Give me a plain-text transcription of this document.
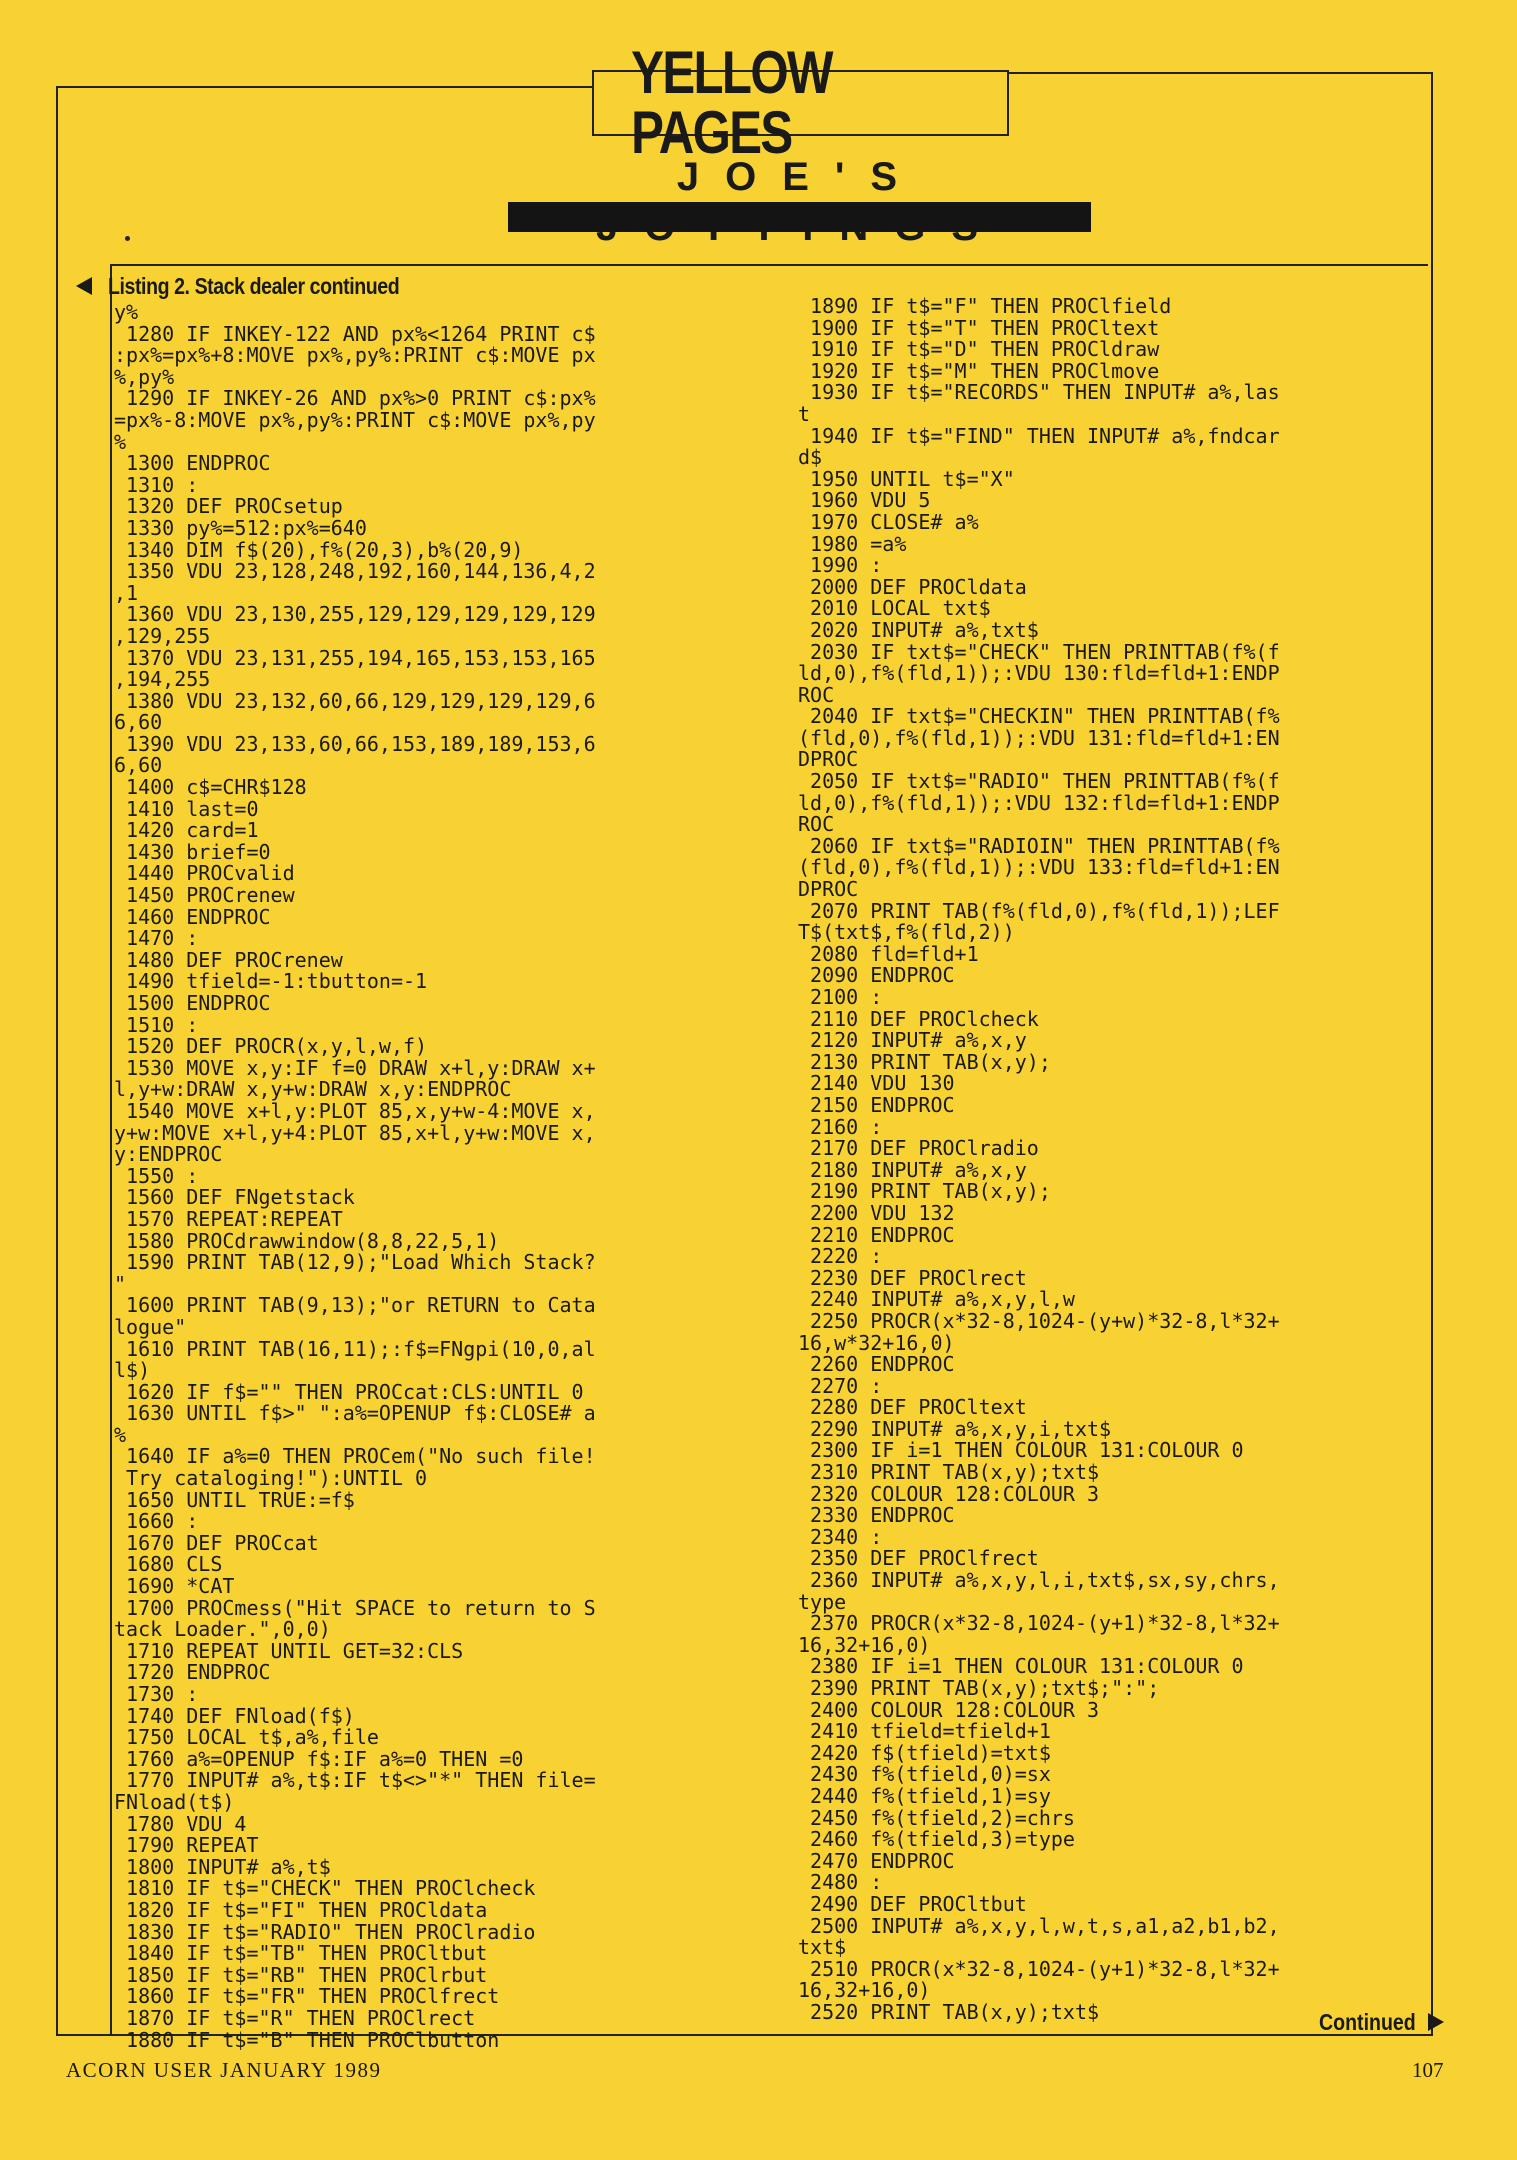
YELLOW PAGES
JOE'S
Listing 2. Stack dealer continued
y%
1280 IF INKEY-122 AND px%<1264 PRINT c$
:px%=px%+8:MOVE px%,py%:PRINT c$:MOVE px
%,py%
1290 IF INKEY-26 AND px%>0 PRINT c$:px%
=px%-8:MOVE px%,py%:PRINT c$:MOVE px%,py
%
1300 ENDPROC
1310 :
1320 DEF PROCsetup
1330 py%=512:px%=640
1340 DIM f$(20),f%(20,3),b%(20,9)
1350 VDU 23,128,248,192,160,144,136,4,2
,1
1360 VDU 23,130,255,129,129,129,129,129
,129,255
1370 VDU 23,131,255,194,165,153,153,165
,194,255
1380 VDU 23,132,60,66,129,129,129,129,6
6,60
1390 VDU 23,133,60,66,153,189,189,153,6
6,60
1400 c$=CHR$128
1410 last=0
1420 card=1
1430 brief=0
1440 PROCvalid
1450 PROCrenew
1460 ENDPROC
1470 :
1480 DEF PROCrenew
1490 tfield=-1:tbutton=-1
1500 ENDPROC
1510 :
1520 DEF PROCR(x,y,l,w,f)
1530 MOVE x,y:IF f=0 DRAW x+l,y:DRAW x+
l,y+w:DRAW x,y+w:DRAW x,y:ENDPROC
1540 MOVE x+l,y:PLOT 85,x,y+w-4:MOVE x,
y+w:MOVE x+l,y+4:PLOT 85,x+l,y+w:MOVE x,
y:ENDPROC
1550 :
1560 DEF FNgetstack
1570 REPEAT:REPEAT
1580 PROCdrawwindow(8,8,22,5,1)
1590 PRINT TAB(12,9);"Load Which Stack?
"
1600 PRINT TAB(9,13);"or RETURN to Cata
logue"
1610 PRINT TAB(16,11);:f$=FNgpi(10,0,al
l$)
1620 IF f$="" THEN PROCcat:CLS:UNTIL 0
1630 UNTIL f$>" ":a%=OPENUP f$:CLOSE# a
%
1640 IF a%=0 THEN PROCem("No such file!
Try cataloging!"):UNTIL 0
1650 UNTIL TRUE:=f$
1660 :
1670 DEF PROCcat
1680 CLS
1690 *CAT
1700 PROCmess("Hit SPACE to return to S
tack Loader.",0,0)
1710 REPEAT UNTIL GET=32:CLS
1720 ENDPROC
1730 :
1740 DEF FNload(f$)
1750 LOCAL t$,a%,file
1760 a%=OPENUP f$:IF a%=0 THEN =0
1770 INPUT# a%,t$:IF t$<>"*" THEN file=
FNload(t$)
1780 VDU 4
1790 REPEAT
1800 INPUT# a%,t$
1810 IF t$="CHECK" THEN PROClcheck
1820 IF t$="FI" THEN PROCldata
1830 IF t$="RADIO" THEN PROClradio
1840 IF t$="TB" THEN PROCltbut
1850 IF t$="RB" THEN PROClrbut
1860 IF t$="FR" THEN PROClfrect
1870 IF t$="R" THEN PROClrect
1880 IF t$="B" THEN PROClbutton
1890 IF t$="F" THEN PROClfield
1900 IF t$="T" THEN PROCltext
1910 IF t$="D" THEN PROCldraw
1920 IF t$="M" THEN PROClmove
1930 IF t$="RECORDS" THEN INPUT# a%,las
t
1940 IF t$="FIND" THEN INPUT# a%,fndcar
d$
1950 UNTIL t$="X"
1960 VDU 5
1970 CLOSE# a%
1980 =a%
1990 :
2000 DEF PROCldata
2010 LOCAL txt$
2020 INPUT# a%,txt$
2030 IF txt$="CHECK" THEN PRINTTAB(f%(f
ld,0),f%(fld,1));:VDU 130:fld=fld+1:ENDP
ROC
2040 IF txt$="CHECKIN" THEN PRINTTAB(f%
(fld,0),f%(fld,1));:VDU 131:fld=fld+1:EN
DPROC
2050 IF txt$="RADIO" THEN PRINTTAB(f%(f
ld,0),f%(fld,1));:VDU 132:fld=fld+1:ENDP
ROC
2060 IF txt$="RADIOIN" THEN PRINTTAB(f%
(fld,0),f%(fld,1));:VDU 133:fld=fld+1:EN
DPROC
2070 PRINT TAB(f%(fld,0),f%(fld,1));LEF
T$(txt$,f%(fld,2))
2080 fld=fld+1
2090 ENDPROC
2100 :
2110 DEF PROClcheck
2120 INPUT# a%,x,y
2130 PRINT TAB(x,y);
2140 VDU 130
2150 ENDPROC
2160 :
2170 DEF PROClradio
2180 INPUT# a%,x,y
2190 PRINT TAB(x,y);
2200 VDU 132
2210 ENDPROC
2220 :
2230 DEF PROClrect
2240 INPUT# a%,x,y,l,w
2250 PROCR(x*32-8,1024-(y+w)*32-8,l*32+
16,w*32+16,0)
2260 ENDPROC
2270 :
2280 DEF PROCltext
2290 INPUT# a%,x,y,i,txt$
2300 IF i=1 THEN COLOUR 131:COLOUR 0
2310 PRINT TAB(x,y);txt$
2320 COLOUR 128:COLOUR 3
2330 ENDPROC
2340 :
2350 DEF PROClfrect
2360 INPUT# a%,x,y,l,i,txt$,sx,sy,chrs,
type
2370 PROCR(x*32-8,1024-(y+1)*32-8,l*32+
16,32+16,0)
2380 IF i=1 THEN COLOUR 131:COLOUR 0
2390 PRINT TAB(x,y);txt$;":";
2400 COLOUR 128:COLOUR 3
2410 tfield=tfield+1
2420 f$(tfield)=txt$
2430 f%(tfield,0)=sx
2440 f%(tfield,1)=sy
2450 f%(tfield,2)=chrs
2460 f%(tfield,3)=type
2470 ENDPROC
2480 :
2490 DEF PROCltbut
2500 INPUT# a%,x,y,l,w,t,s,a1,a2,b1,b2,
txt$
2510 PROCR(x*32-8,1024-(y+1)*32-8,l*32+
16,32+16,0)
2520 PRINT TAB(x,y);txt$	Continued
ACORN USER JANUARY 1989	107
